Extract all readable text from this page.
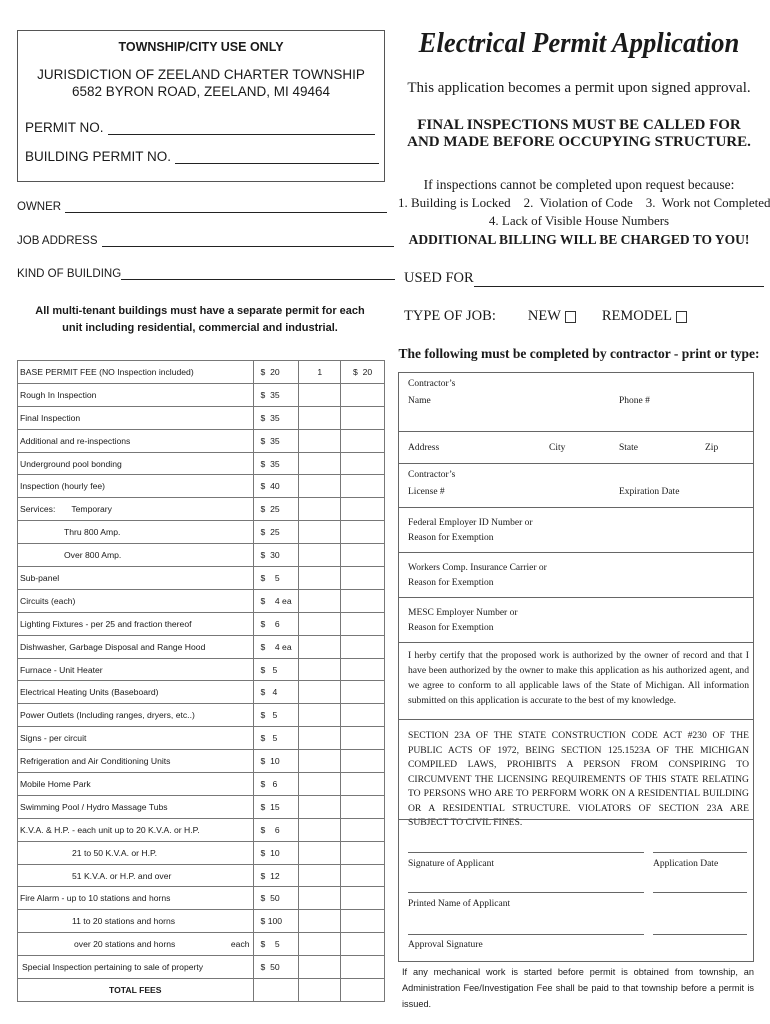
TOWNSHIP/CITY USE ONLY
JURISDICTION OF ZEELAND CHARTER TOWNSHIP
6582 BYRON ROAD, ZEELAND, MI 49464
PERMIT NO.
BUILDING PERMIT NO.
OWNER
JOB ADDRESS
KIND OF BUILDING
All multi-tenant buildings must have a separate permit for each unit including residential, commercial and industrial.
BASE PERMIT FEE (NO Inspection included)	$  20	1	$  20
Rough In Inspection	$  35		
Final Inspection	$  35		
Additional and re-inspections	$  35		
Underground pool bonding	$  35		
Inspection (hourly fee)	$  40		
Services: Temporary	$  25		
Thru 800 Amp.	$  25		
Over 800 Amp.	$  30		
Sub-panel	$    5		
Circuits (each)	$    4 ea		
Lighting Fixtures - per 25 and fraction thereof	$    6		
Dishwasher, Garbage Disposal and Range Hood	$    4 ea		
Furnace - Unit Heater	$   5		
Electrical Heating Units (Baseboard)	$   4		
Power Outlets (Including ranges, dryers, etc..)	$   5		
Signs - per circuit	$   5		
Refrigeration and Air Conditioning Units	$  10		
Mobile Home Park	$   6		
Swimming Pool / Hydro Massage Tubs	$  15		
K.V.A. & H.P. - each unit up to 20 K.V.A. or H.P.	$    6		
21 to 50 K.V.A. or H.P.	$  10		
51 K.V.A. or H.P. and over	$  12		
Fire Alarm - up to 10 stations and horns	$  50		
11 to 20 stations and horns	$ 100		
over 20 stations and horns each	$    5		
Special Inspection pertaining to sale of property	$  50		
TOTAL FEES			
Electrical Permit Application
This application becomes a permit upon signed approval.
FINAL INSPECTIONS MUST BE CALLED FOR
AND MADE BEFORE OCCUPYING STRUCTURE.
If inspections cannot be completed upon request because:
1. Building is Locked    2.  Violation of Code    3.  Work not Completed
4. Lack of Visible House Numbers
ADDITIONAL BILLING WILL BE CHARGED TO YOU!
USED FOR
TYPE OF JOB: NEW	REMODEL
The following must be completed by contractor - print or type:
Contractor’s
Name	Phone #
Address	City	State	Zip
Contractor’s
License #	Expiration Date
Federal Employer ID Number or
Reason for Exemption
Workers Comp. Insurance Carrier or
Reason for Exemption
MESC Employer Number or
Reason for Exemption
I herby certify that the proposed work is authorized by the owner of record and that I have been authorized by the owner to make this application as his authorized agent, and we agree to conform to all applicable laws of the State of Michigan. All information submitted on this application is accurate to the best of my knowledge.
SECTION 23A OF THE STATE CONSTRUCTION CODE ACT #230 OF THE PUBLIC ACTS OF 1972, BEING SECTION 125.1523A OF THE MICHIGAN COMPILED LAWS, PROHIBITS A PERSON FROM CONSPIRING TO CIRCUMVENT THE LICENSING REQUIREMENTS OF THIS STATE RELATING TO PERSONS WHO ARE TO PERFORM WORK ON A RESIDENTIAL BUILDING OR A RESIDENTIAL STRUCTURE. VIOLATORS OF SECTION 23A ARE SUBJECT TO CIVIL FINES.
Signature of Applicant	Application Date
Printed Name of Applicant
Approval Signature
If any mechanical work is started before permit is obtained from township, an Administration Fee/Investigation Fee shall be paid to that township before a permit is issued.
